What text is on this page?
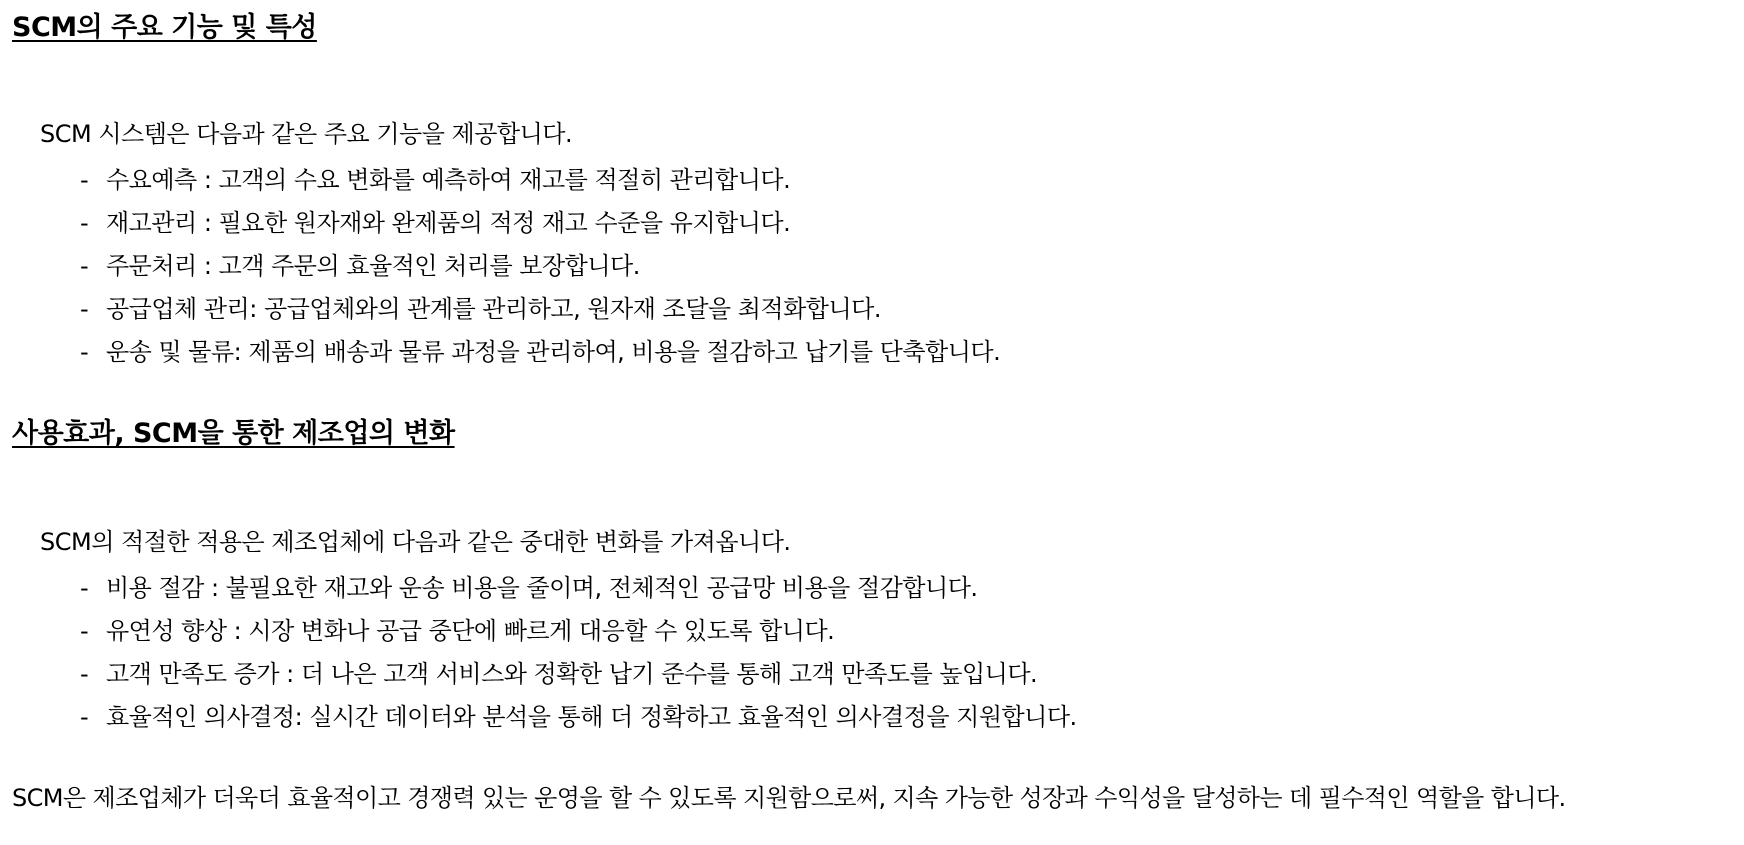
SCM의 주요 기능 및 특성

SCM 시스템은 다음과 같은 주요 기능을 제공합니다.

- 수요예측 : 고객의 수요 변화를 예측하여 재고를 적절히 관리합니다.
- 재고관리 : 필요한 원자재와 완제품의 적정 재고 수준을 유지합니다.
- 주문처리 : 고객 주문의 효율적인 처리를 보장합니다.
- 공급업체 관리: 공급업체와의 관계를 관리하고, 원자재 조달을 최적화합니다.
- 운송 및 물류: 제품의 배송과 물류 과정을 관리하여, 비용을 절감하고 납기를 단축합니다.
사용효과, SCM을 통한 제조업의 변화

SCM의 적절한 적용은 제조업체에 다음과 같은 중대한 변화를 가져옵니다.

- 비용 절감 : 불필요한 재고와 운송 비용을 줄이며, 전체적인 공급망 비용을 절감합니다.
- 유연성 향상 : 시장 변화나 공급 중단에 빠르게 대응할 수 있도록 합니다.
- 고객 만족도 증가 : 더 나은 고객 서비스와 정확한 납기 준수를 통해 고객 만족도를 높입니다.
- 효율적인 의사결정: 실시간 데이터와 분석을 통해 더 정확하고 효율적인 의사결정을 지원합니다.

SCM은 제조업체가 더욱더 효율적이고 경쟁력 있는 운영을 할 수 있도록 지원함으로써, 지속 가능한 성장과 수익성을 달성하는 데 필수적인 역할을 합니다.
